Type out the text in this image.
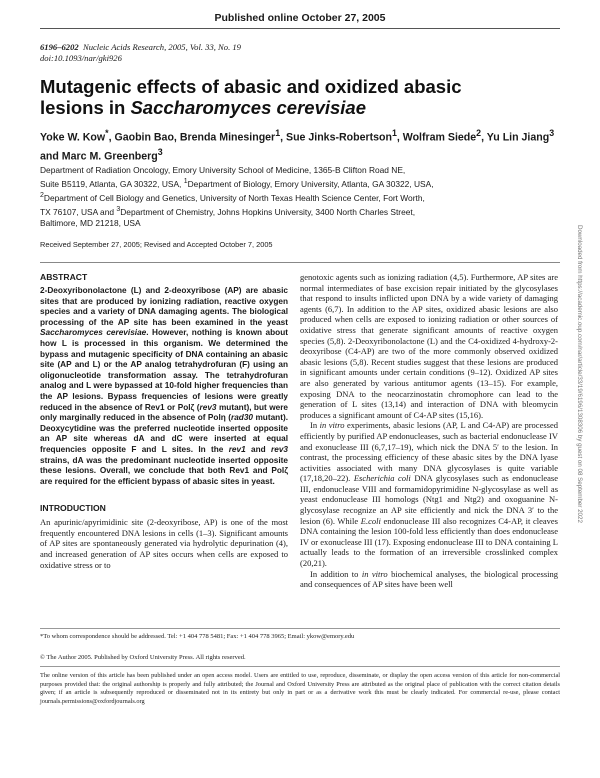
Published online October 27, 2005
6196–6202 Nucleic Acids Research, 2005, Vol. 33, No. 19
doi:10.1093/nar/gki926
Mutagenic effects of abasic and oxidized abasic
lesions in Saccharomyces cerevisiae
Yoke W. Kow*, Gaobin Bao, Brenda Minesinger$^1$, Sue Jinks-Robertson$^1$, Wolfram Siede$^2$, Yu Lin Jiang$^3$ and Marc M. Greenberg$^3$
Department of Radiation Oncology, Emory University School of Medicine, 1365-B Clifton Road NE,
Suite B5119, Atlanta, GA 30322, USA, $^1$Department of Biology, Emory University, Atlanta, GA 30322, USA,
$^2$Department of Cell Biology and Genetics, University of North Texas Health Science Center, Fort Worth,
TX 76107, USA and $^3$Department of Chemistry, Johns Hopkins University, 3400 North Charles Street,
Baltimore, MD 21218, USA
Received September 27, 2005; Revised and Accepted October 7, 2005
ABSTRACT

2-Deoxyribonolactone (L) and 2-deoxyribose (AP) are abasic sites that are produced by ionizing radiation, reactive oxygen species and a variety of DNA damaging agents. The biological processing of the AP site has been examined in the yeast Saccharomyces cerevisiae. However, nothing is known about how L is processed in this organism. We determined the bypass and mutagenic specificity of DNA containing an abasic site (AP and L) or the AP analog tetrahydrofuran (F) using an oligonucleotide transformation assay. The tetrahydrofuran analog and L were bypassed at 10-fold higher frequencies than the AP lesions. Bypass frequencies of lesions were greatly reduced in the absence of Rev1 or Polζ (rev3 mutant), but were only marginally reduced in the absence of Polη (rad30 mutant). Deoxycytidine was the preferred nucleotide inserted opposite an AP site whereas dA and dC were inserted at equal frequencies opposite F and L sites. In the rev1 and rev3 strains, dA was the predominant nucleotide inserted opposite these lesions. Overall, we conclude that both Rev1 and Polζ are required for the efficient bypass of abasic sites in yeast.

INTRODUCTION

An apurinic/apyrimidinic site (2-deoxyribose, AP) is one of the most frequently encountered DNA lesions in cells (1–3). Significant amounts of AP sites are spontaneously generated via hydrolytic depurination (4), and increased generation of AP sites occurs when cells are exposed to oxidative stress or to

genotoxic agents such as ionizing radiation (4,5). Furthermore, AP sites are normal intermediates of base excision repair initiated by the glycosylases that respond to insults inflicted upon DNA by a wide variety of damaging agents (6,7). In addition to the AP sites, oxidized abasic lesions are also produced when cells are exposed to ionizing radiation or other sources of oxidative stress that generate significant amounts of reactive oxygen species (5,8). 2-Deoxyribonolactone (L) and the C4-oxidized 4-hydroxy-2-deoxyribose (C4-AP) are two of the more commonly observed oxidized abasic lesions (5,8). Recent studies suggest that these lesions are produced in significant amounts under certain conditions (9–12). Oxidized AP sites are also generated by various antitumor agents (13–15). For example, exposing DNA to the neocarzinostatin chromophore can lead to the generation of L sites (13,14) and interaction of DNA with bleomycin produces a significant amount of C4-AP sites (15,16).

In in vitro experiments, abasic lesions (AP, L and C4-AP) are processed efficiently by purified AP endonucleases, such as bacterial endonuclease IV and exonuclease III (6,7,17–19), which nick the DNA 5′ to the lesion. In contrast, the processing efficiency of these abasic sites by the DNA lyase activities associated with many DNA glycosylases is quite variable (17,18,20–22). Escherichia coli DNA glycosylases such as endonuclease III, endonuclease VIII and formamidopyrimidine N-glycosylase as well as yeast endonuclease III homologs (Ntg1 and Ntg2) and oxoguanine N-glycosylase recognize an AP site efficiently and nick the DNA 3′ to the lesion (6). While E.coli endonuclease III also recognizes C4-AP, it cleaves DNA containing the lesion 100-fold less efficiently than does endonuclease IV or exonuclease III (17). Exposing endonuclease III to DNA containing L actually leads to the formation of an irreversible crosslinked complex (20,21).

In addition to in vitro biochemical analyses, the biological processing and consequences of AP sites have been well

*To whom correspondence should be addressed. Tel: +1 404 778 5481; Fax: +1 404 778 3965; Email: ykow@emory.edu
© The Author 2005. Published by Oxford University Press. All rights reserved.
The online version of this article has been published under an open access model. Users are entitled to use, reproduce, disseminate, or display the open access version of this article for non-commercial purposes provided that: the original authorship is properly and fully attributed; the Journal and Oxford University Press are attributed as the original place of publication with the correct citation details given; if an article is subsequently reproduced or disseminated not in its entirety but only in part or as a derivative work this must be clearly indicated. For commercial re-use, please contact journals.permissions@oxfordjournals.org
Downloaded from https://academic.oup.com/nar/article/33/19/6196/1308306 by guest on 08 September 2022
